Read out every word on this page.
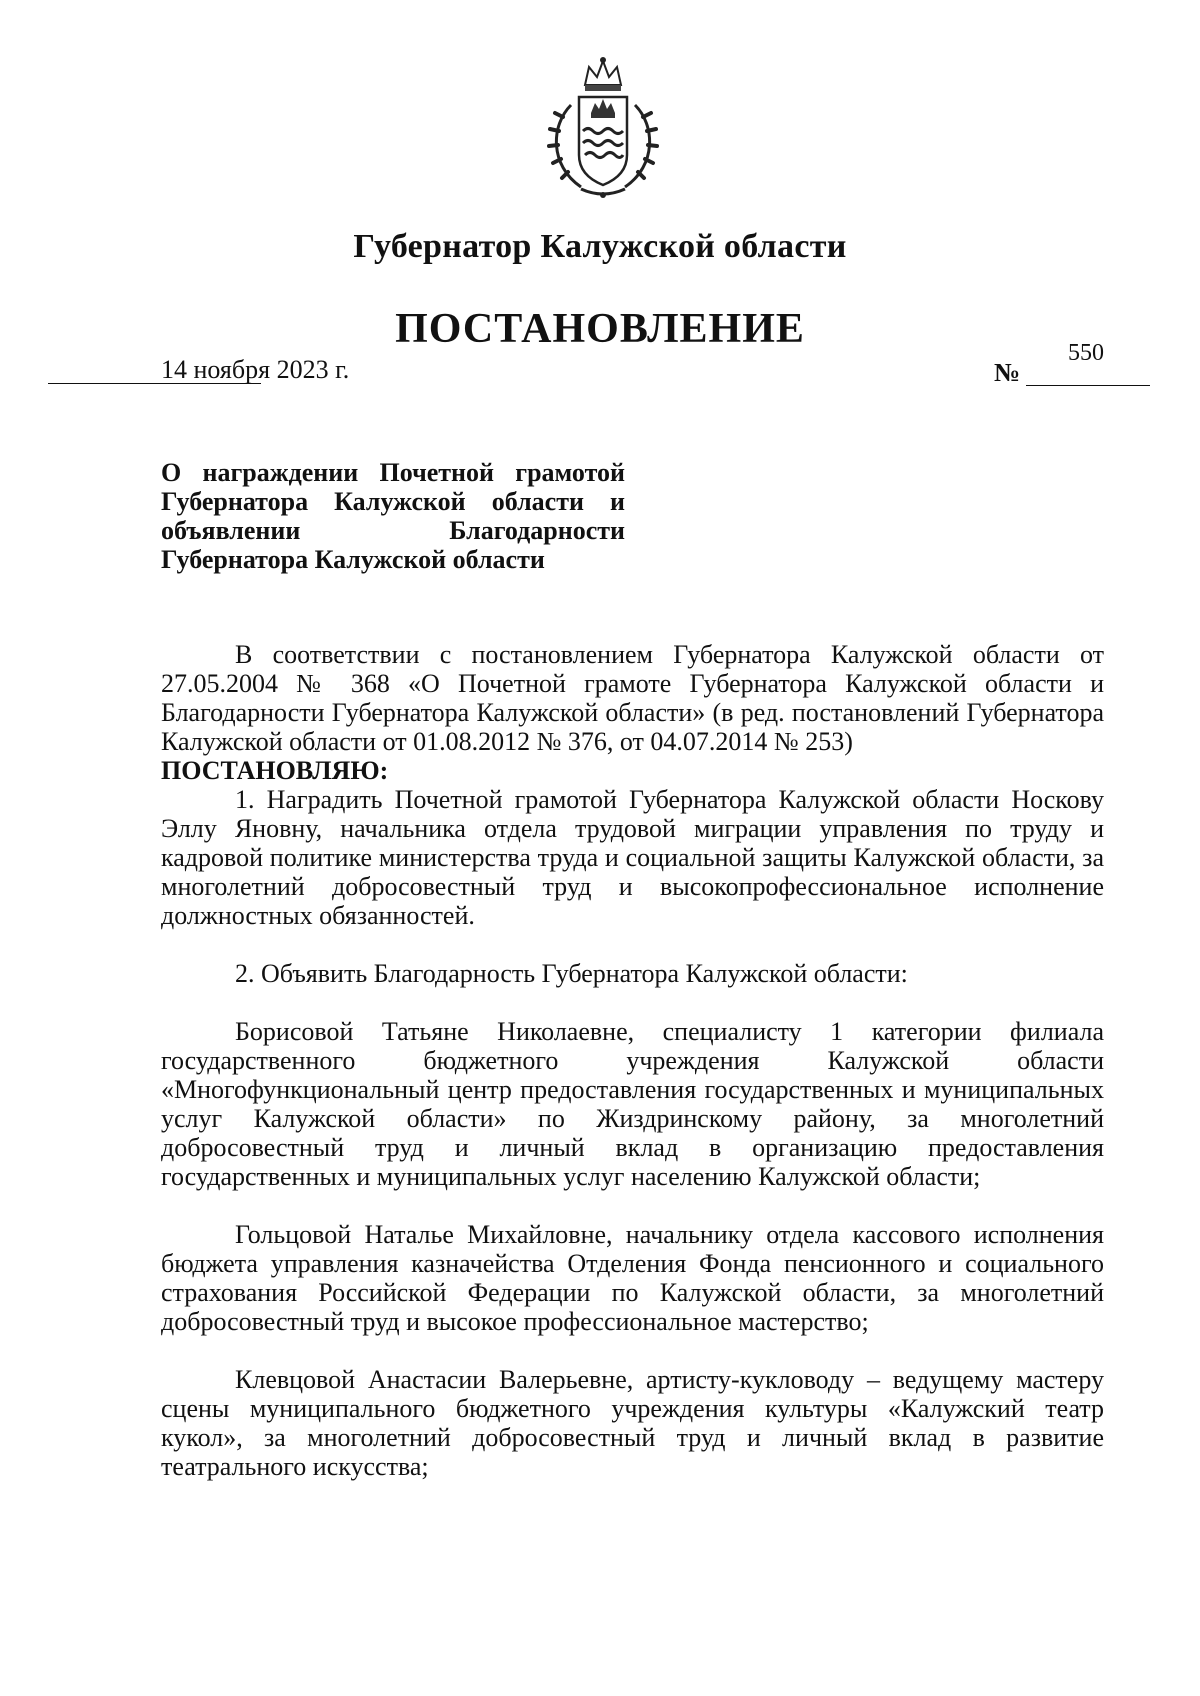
Губернатор Калужской области
ПОСТАНОВЛЕНИЕ
14 ноября 2023 г.	№
550
О награждении Почетной грамотой Губернатора Калужской области и объявлении Благодарности Губернатора Калужской области

В соответствии с постановлением Губернатора Калужской области от 27.05.2004 № 368 «О Почетной грамоте Губернатора Калужской области и Благодарности Губернатора Калужской области» (в ред. постановлений Губернатора Калужской области от 01.08.2012 № 376, от 04.07.2014 № 253)

ПОСТАНОВЛЯЮ:

1. Наградить Почетной грамотой Губернатора Калужской области Носкову Эллу Яновну, начальника отдела трудовой миграции управления по труду и кадровой политике министерства труда и социальной защиты Калужской области, за многолетний добросовестный труд и высокопрофессиональное исполнение должностных обязанностей.

2. Объявить Благодарность Губернатора Калужской области:

Борисовой Татьяне Николаевне, специалисту 1 категории филиала государственного бюджетного учреждения Калужской области «Многофункциональный центр предоставления государственных и муниципальных услуг Калужской области» по Жиздринскому району, за многолетний добросовестный труд и личный вклад в организацию предоставления государственных и муниципальных услуг населению Калужской области;

Гольцовой Наталье Михайловне, начальнику отдела кассового исполнения бюджета управления казначейства Отделения Фонда пенсионного и социального страхования Российской Федерации по Калужской области, за многолетний добросовестный труд и высокое профессиональное мастерство;

Клевцовой Анастасии Валерьевне, артисту-кукловоду – ведущему мастеру сцены муниципального бюджетного учреждения культуры «Калужский театр кукол», за многолетний добросовестный труд и личный вклад в развитие театрального искусства;
